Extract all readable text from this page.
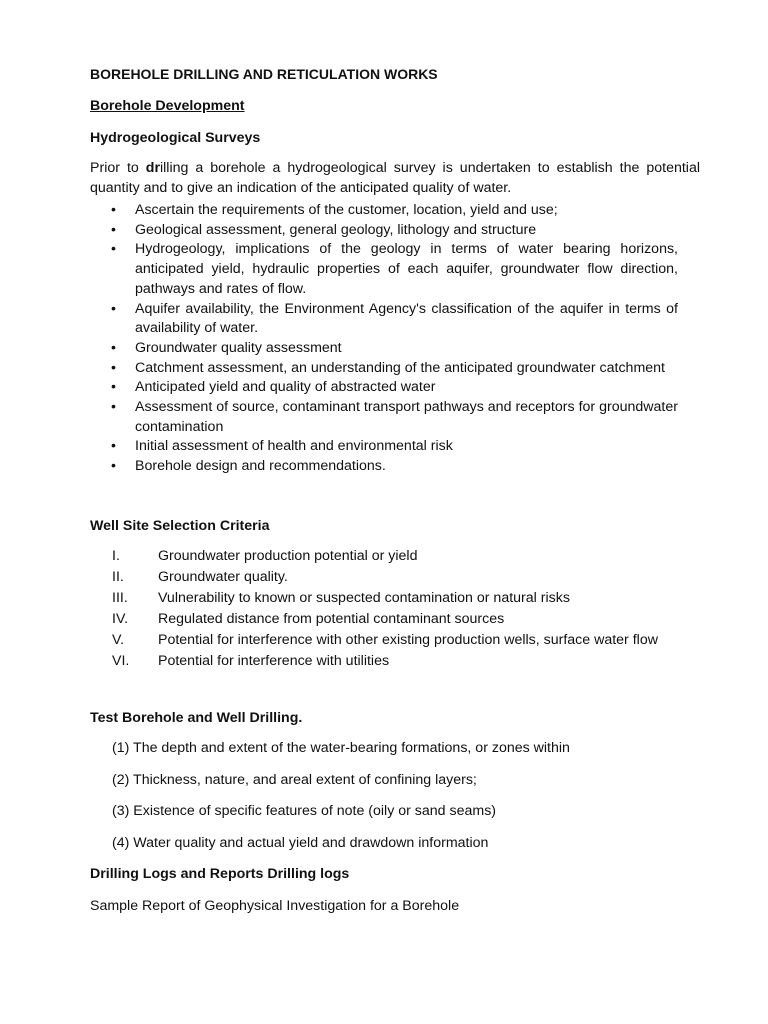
BOREHOLE DRILLING AND RETICULATION WORKS
Borehole Development
Hydrogeological Surveys
Prior to drilling a borehole a hydrogeological survey is undertaken to establish the potential quantity and to give an indication of the anticipated quality of water.
•	Ascertain the requirements of the customer, location, yield and use;
•	Geological assessment, general geology, lithology and structure
•	Hydrogeology, implications of the geology in terms of water bearing horizons, anticipated yield, hydraulic properties of each aquifer, groundwater flow direction, pathways and rates of flow.
•	Aquifer availability, the Environment Agency's classification of the aquifer in terms of availability of water.
•	Groundwater quality assessment
•	Catchment assessment, an understanding of the anticipated groundwater catchment
•	Anticipated yield and quality of abstracted water
•	Assessment of source, contaminant transport pathways and receptors for groundwater contamination
•	Initial assessment of health and environmental risk
•	Borehole design and recommendations.
Well Site Selection Criteria
I.	Groundwater production potential or yield
II.	Groundwater quality.
III.	Vulnerability to known or suspected contamination or natural risks
IV.	Regulated distance from potential contaminant sources
V.	Potential for interference with other existing production wells, surface water flow
VI.	Potential for interference with utilities
Test Borehole and Well Drilling.
(1) The depth and extent of the water-bearing formations, or zones within
(2) Thickness, nature, and areal extent of confining layers;
(3) Existence of specific features of note (oily or sand seams)
(4) Water quality and actual yield and drawdown information
Drilling Logs and Reports Drilling logs
Sample Report of Geophysical Investigation for a Borehole
